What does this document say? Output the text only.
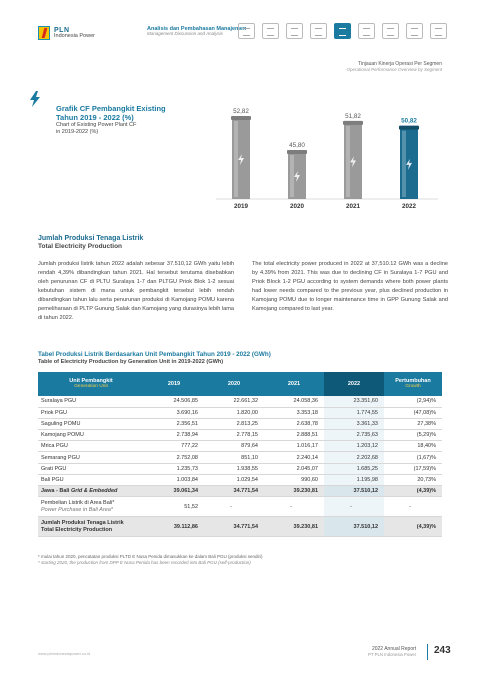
PLN
Indonesia Power
Analisis dan Pembahasan Manajemen
Management Discussion and Analysis
Tinjauan Kinerja Operasi Per Segmen
Operational Performance Overview by Segment
52,82
2019
45,80
2020
51,82
2021
50,82
2022
Grafik CF Pembangkit Existing
Tahun 2019 - 2022 (%)
Chart of Existing Power Plant CF
in 2019-2022 (%)
Jumlah Produksi Tenaga Listrik
Total Electricity Production

Jumlah produksi listrik tahun 2022 adalah sebesar 37.510,12 GWh yaitu lebih rendah 4,39% dibandingkan tahun 2021. Hal tersebut terutama disebabkan oleh penurunan CF di PLTU Suralaya 1-7 dan PLTGU Priok Blok 1-2 sesuai kebutuhan sistem di mana untuk pembangkit tersebut lebih rendah dibandingkan tahun lalu serta penurunan produksi di Kamojang POMU karena pemeliharaan di PLTP Gunung Salak dan Kamojang yang durasinya lebih lama di tahun 2022.

The total electricity power produced in 2022 at 37,510.12 GWh was a decline by 4.39% from 2021. This was due to declining CF in Suralaya 1-7 PGU and Priok Block 1-2 PGU according to system demands where both power plants had lower needs compared to the previous year, plus declined production in Kamojang POMU due to longer maintenance time in GPP Gunung Salak and Kamojang compared to last year.

Tabel Produksi Listrik Berdasarkan Unit Pembangkit Tahun 2019 - 2022 (GWh)
Table of Electricity Production by Generation Unit in 2019-2022 (GWh)
Unit Pembangkit
Generation Unit	2019	2020	2021	2022	Pertumbuhan
Growth

Suralaya PGU	24.506,85	22.661,32	24.058,36	23.351,60	(2,94)%
Priok PGU	3.690,16	1.820,00	3.353,18	1.774,55	(47,08)%
Saguling POMU	2.356,51	2.813,25	2.638,78	3.361,33	27,38%
Kamojang POMU	2.738,94	2.778,15	2.888,51	2.735,63	(5,29)%
Mrica PGU	777,22	879,64	1.016,17	1.203,12	18,40%
Semarang PGU	2.752,08	851,10	2.240,14	2.202,68	(1,67)%
Grati PGU	1.235,73	1.938,55	2.045,07	1.685,25	(17,59)%
Bali PGU	1.003,84	1.029,54	990,60	1.195,98	20,73%
Jawa - Bali Grid & Embedded	39.061,34	34.771,54	39.230,81	37.510,12	(4,39)%

Pembelian Listrik di Area Bali*
Power Purchase in Bali Area*	51,52	-	-	-	-

Jumlah Produksi Tenaga Listrik
Total Electricity Production	39.112,86	34.771,54	39.230,81	37.510,12	(4,39)%
* mulai tahun 2020, pencatatan produksi PLTD E Nusa Penida dimasukkan ke dalam Bali PGU (produksi sendiri)
* starting 2020, the production from DPP E Nusa Penida has been recorded into Bali PGU (self-production)
www.plnindonesiapower.co.id
2022 Annual Report
PT PLN Indonesia Power 243
